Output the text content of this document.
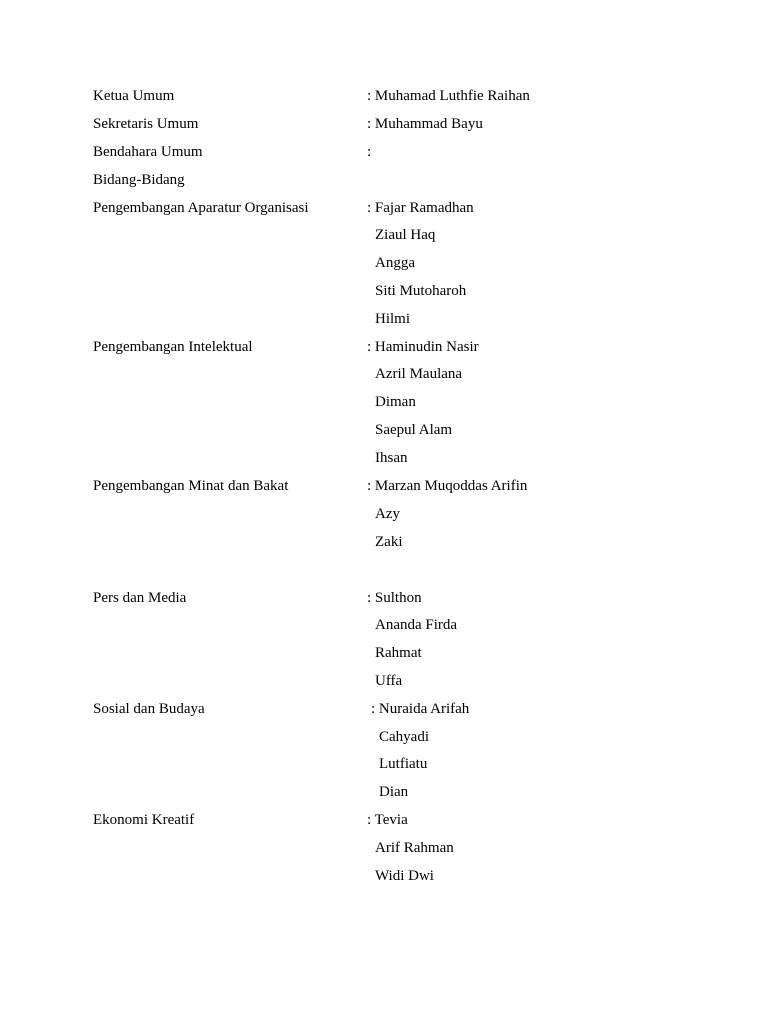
Ketua Umum	: Muhamad Luthfie Raihan
Sekretaris Umum	: Muhammad Bayu
Bendahara Umum	:
Bidang-Bidang
Pengembangan Aparatur Organisasi	: Fajar Ramadhan
Ziaul Haq
Angga
Siti Mutoharoh
Hilmi
Pengembangan Intelektual	: Haminudin Nasir
Azril Maulana
Diman
Saepul Alam
Ihsan
Pengembangan Minat dan Bakat	: Marzan Muqoddas Arifin
Azy
Zaki
Pers dan Media	: Sulthon
Ananda Firda
Rahmat
Uffa
Sosial dan Budaya	: Nuraida Arifah
Cahyadi
Lutfiatu
Dian
Ekonomi Kreatif	: Tevia
Arif Rahman
Widi Dwi
